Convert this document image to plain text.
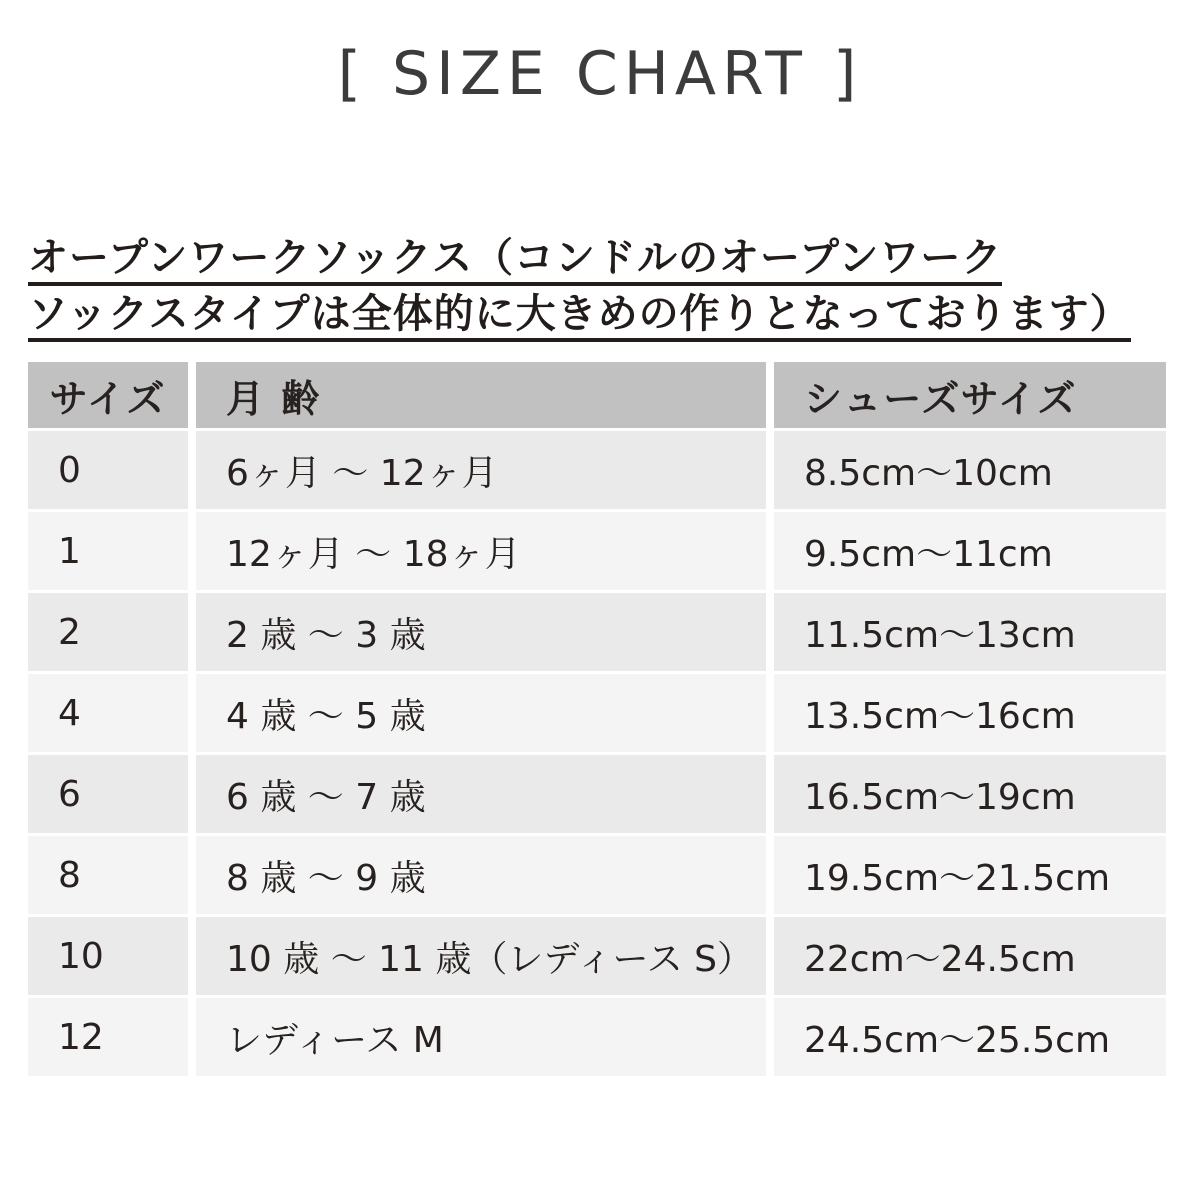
[ SIZE CHART ]
オープンワークソックス（コンドルのオープンワーク
ソックスタイプは全体的に大きめの作りとなっております）
サイズ	月 齢	シューズサイズ
0	6ヶ月 ～ 12ヶ月	8.5cm～10cm
1	12ヶ月 ～ 18ヶ月	9.5cm～11cm
2	2 歳 ～ 3 歳	11.5cm～13cm
4	4 歳 ～ 5 歳	13.5cm～16cm
6	6 歳 ～ 7 歳	16.5cm～19cm
8	8 歳 ～ 9 歳	19.5cm～21.5cm
10	10 歳 ～ 11 歳（レディース S）	22cm～24.5cm
12	レディース M	24.5cm～25.5cm
